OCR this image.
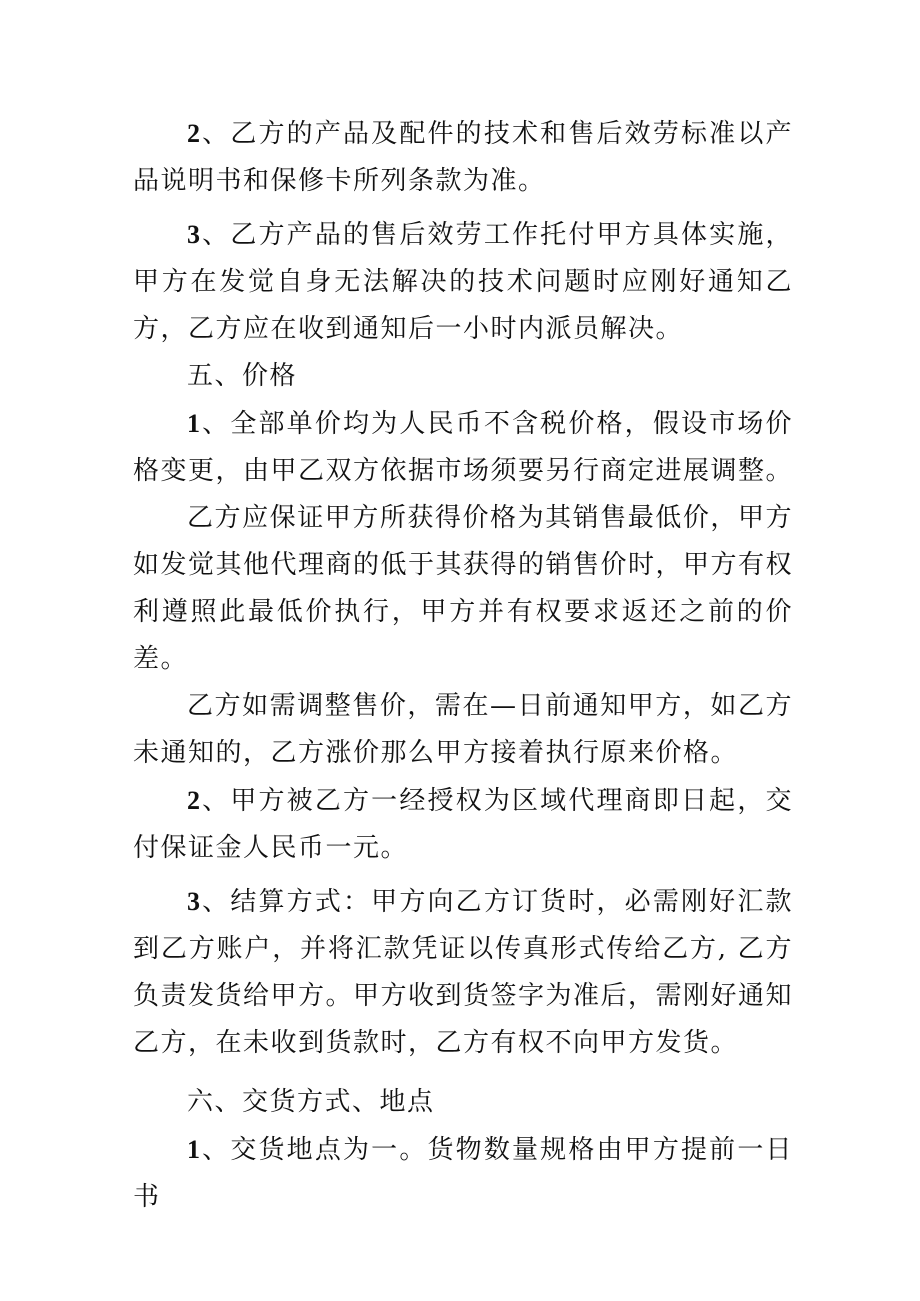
2、乙方的产品及配件的技术和售后效劳标准以产品说明书和保修卡所列条款为准。

3、乙方产品的售后效劳工作托付甲方具体实施，甲方在发觉自身无法解决的技术问题时应刚好通知乙方，乙方应在收到通知后一小时内派员解决。

五、价格

1、全部单价均为人民币不含税价格，假设市场价格变更，由甲乙双方依据市场须要另行商定进展调整。

乙方应保证甲方所获得价格为其销售最低价，甲方如发觉其他代理商的低于其获得的销售价时，甲方有权利遵照此最低价执行，甲方并有权要求返还之前的价差。

乙方如需调整售价，需在—日前通知甲方，如乙方未通知的，乙方涨价那么甲方接着执行原来价格。

2、甲方被乙方一经授权为区域代理商即日起，交付保证金人民币一元。

3、结算方式：甲方向乙方订货时，必需刚好汇款到乙方账户，并将汇款凭证以传真形式传给乙方, 乙方负责发货给甲方。甲方收到货签字为准后，需刚好通知乙方，在未收到货款时，乙方有权不向甲方发货。

六、交货方式、地点

1、交货地点为一。货物数量规格由甲方提前一日书
